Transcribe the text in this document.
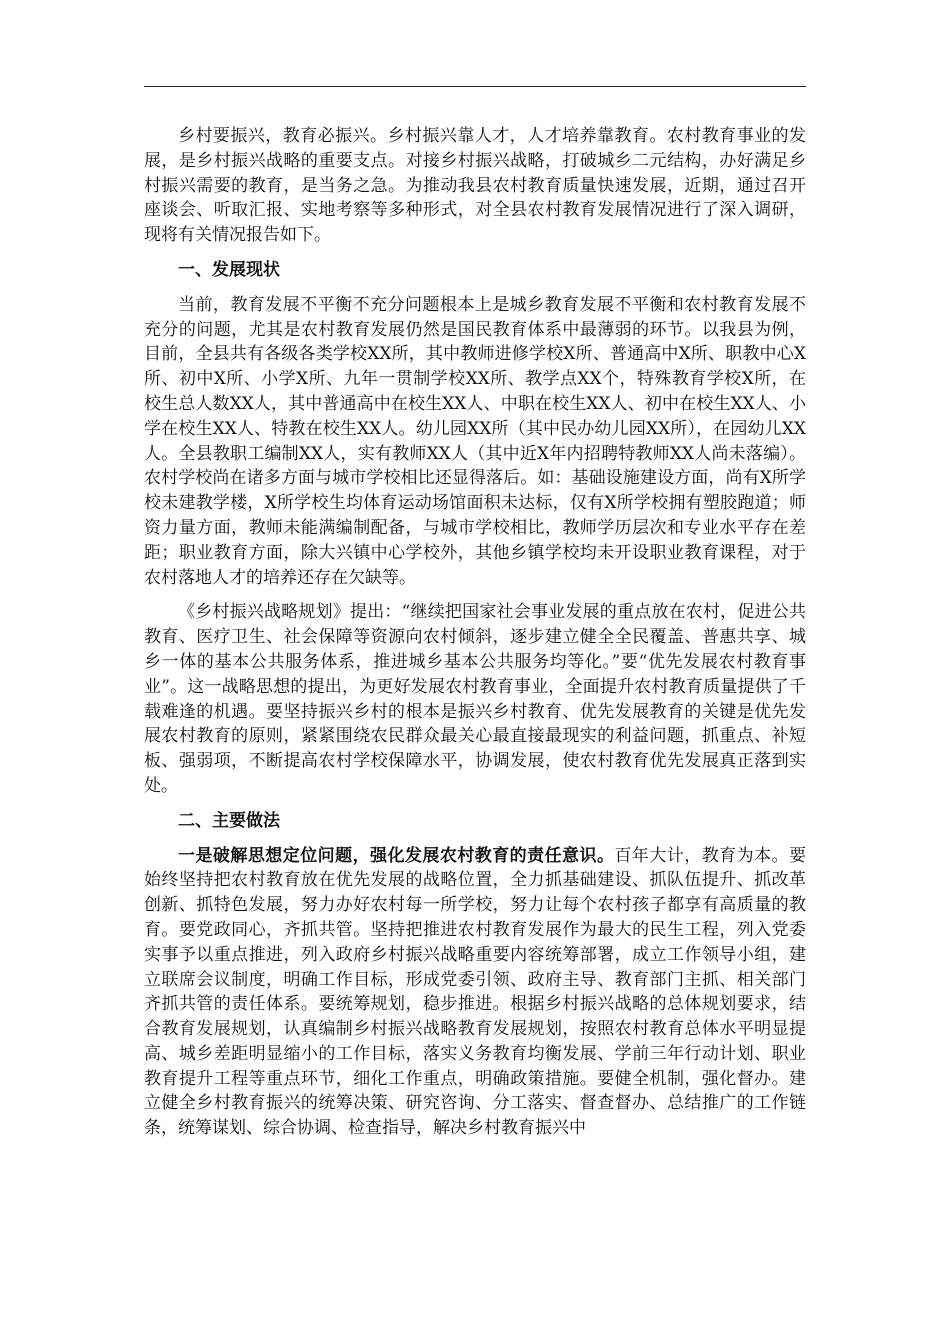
乡村要振兴，教育必振兴。乡村振兴靠人才，人才培养靠教育。农村教育事业的发展，是乡村振兴战略的重要支点。对接乡村振兴战略，打破城乡二元结构，办好满足乡村振兴需要的教育，是当务之急。为推动我县农村教育质量快速发展，近期，通过召开座谈会、听取汇报、实地考察等多种形式，对全县农村教育发展情况进行了深入调研，现将有关情况报告如下。

一、发展现状

当前，教育发展不平衡不充分问题根本上是城乡教育发展不平衡和农村教育发展不充分的问题，尤其是农村教育发展仍然是国民教育体系中最薄弱的环节。以我县为例，目前，全县共有各级各类学校XX所，其中教师进修学校X所、普通高中X所、职教中心X所、初中X所、小学X所、九年一贯制学校XX所、教学点XX个，特殊教育学校X所，在校生总人数XX人，其中普通高中在校生XX人、中职在校生XX人、初中在校生XX人、小学在校生XX人、特教在校生XX人。幼儿园XX所（其中民办幼儿园XX所），在园幼儿XX人。全县教职工编制XX人，实有教师XX人（其中近X年内招聘特教师XX人尚未落编）。农村学校尚在诸多方面与城市学校相比还显得落后。如：基础设施建设方面，尚有X所学校未建教学楼，X所学校生均体育运动场馆面积未达标，仅有X所学校拥有塑胶跑道；师资力量方面，教师未能满编制配备，与城市学校相比，教师学历层次和专业水平存在差距；职业教育方面，除大兴镇中心学校外，其他乡镇学校均未开设职业教育课程，对于农村落地人才的培养还存在欠缺等。

《乡村振兴战略规划》提出：“继续把国家社会事业发展的重点放在农村，促进公共教育、医疗卫生、社会保障等资源向农村倾斜，逐步建立健全全民覆盖、普惠共享、城乡一体的基本公共服务体系，推进城乡基本公共服务均等化。”要“优先发展农村教育事业”。这一战略思想的提出，为更好发展农村教育事业，全面提升农村教育质量提供了千载难逢的机遇。要坚持振兴乡村的根本是振兴乡村教育、优先发展教育的关键是优先发展农村教育的原则，紧紧围绕农民群众最关心最直接最现实的利益问题，抓重点、补短板、强弱项，不断提高农村学校保障水平，协调发展，使农村教育优先发展真正落到实处。

二、主要做法

一是破解思想定位问题，强化发展农村教育的责任意识。百年大计，教育为本。要始终坚持把农村教育放在优先发展的战略位置，全力抓基础建设、抓队伍提升、抓改革创新、抓特色发展，努力办好农村每一所学校，努力让每个农村孩子都享有高质量的教育。要党政同心，齐抓共管。坚持把推进农村教育发展作为最大的民生工程，列入党委实事予以重点推进，列入政府乡村振兴战略重要内容统筹部署，成立工作领导小组，建立联席会议制度，明确工作目标，形成党委引领、政府主导、教育部门主抓、相关部门齐抓共管的责任体系。要统筹规划，稳步推进。根据乡村振兴战略的总体规划要求，结合教育发展规划，认真编制乡村振兴战略教育发展规划，按照农村教育总体水平明显提高、城乡差距明显缩小的工作目标，落实义务教育均衡发展、学前三年行动计划、职业教育提升工程等重点环节，细化工作重点，明确政策措施。要健全机制，强化督办。建立健全乡村教育振兴的统筹决策、研究咨询、分工落实、督查督办、总结推广的工作链条，统筹谋划、综合协调、检查指导，解决乡村教育振兴中
